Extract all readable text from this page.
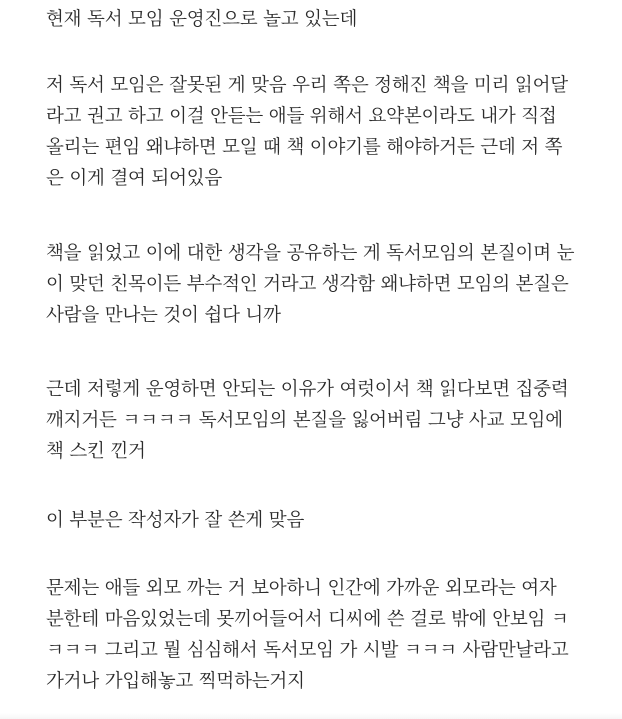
현재 독서 모임 운영진으로 놀고 있는데
저 독서 모임은 잘못된 게 맞음 우리 쪽은 정해진 책을 미리 읽어달
라고 권고 하고 이걸 안듣는 애들 위해서 요약본이라도 내가 직접
올리는 편임 왜냐하면 모일 때 책 이야기를 해야하거든 근데 저 쪽
은 이게 결여 되어있음
책을 읽었고 이에 대한 생각을 공유하는 게 독서모임의 본질이며 눈
이 맞던 친목이든 부수적인 거라고 생각함 왜냐하면 모임의 본질은
사람을 만나는 것이 쉽다 니까
근데 저렇게 운영하면 안되는 이유가 여럿이서 책 읽다보면 집중력
깨지거든 ㅋㅋㅋㅋ 독서모임의 본질을 잃어버림 그냥 사교 모임에
책 스킨 낀거
이 부분은 작성자가 잘 쓴게 맞음
문제는 애들 외모 까는 거 보아하니 인간에 가까운 외모라는 여자
분한테 마음있었는데 못끼어들어서 디씨에 쓴 걸로 밖에 안보임 ㅋ
ㅋㅋㅋ 그리고 뭘 심심해서 독서모임 가 시발 ㅋㅋㅋ 사람만날라고
가거나 가입해놓고 찍먹하는거지
